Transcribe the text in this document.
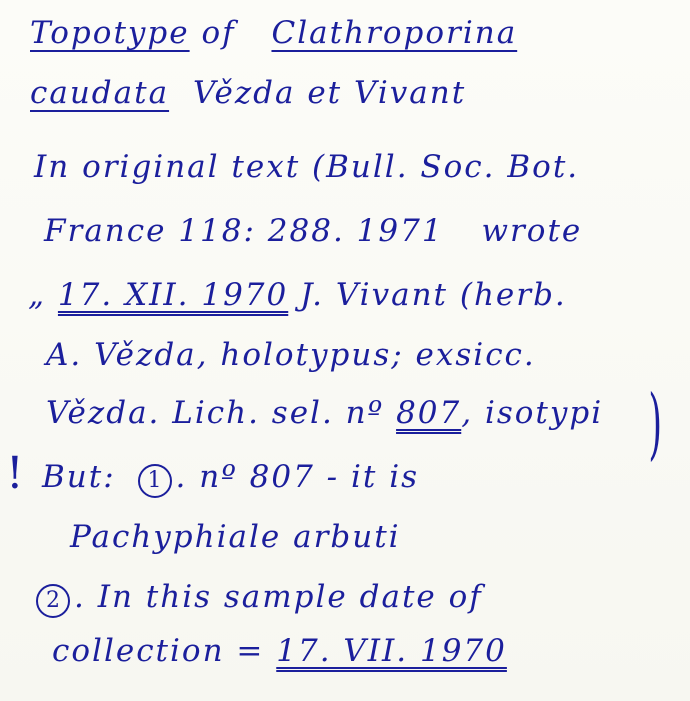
Topotype of Clathroporina
caudata Vězda et Vivant
In original text (Bull. Soc. Bot.
France 118: 288. 1971 wrote
„ 17. XII. 1970 J. Vivant (herb.
A. Vězda, holotypus; exsicc.
Vězda. Lich. sel. nº 807, isotypi )
! But: 1 . nº 807 - it is
Pachyphiale arbuti
2 . In this sample date of
collection = 17. VII. 1970
